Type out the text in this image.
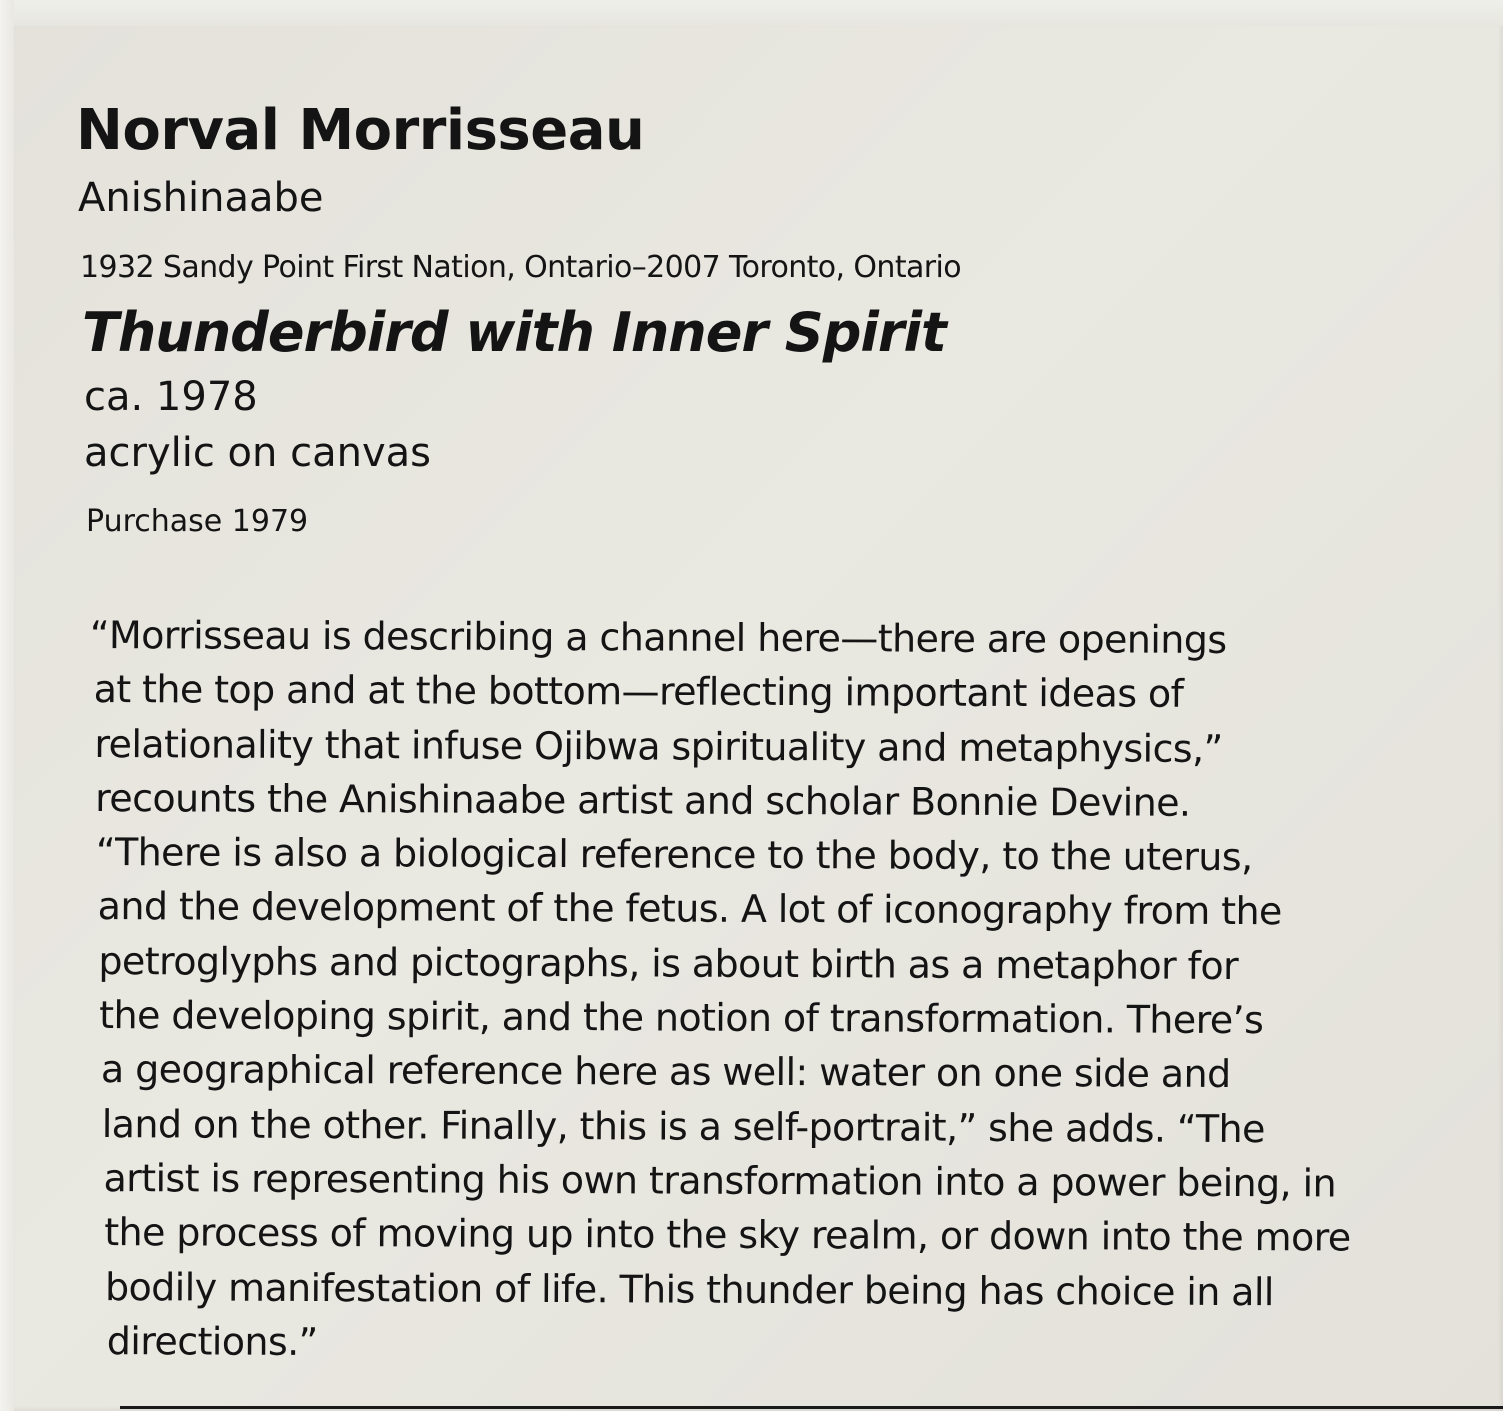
Norval Morrisseau
Anishinaabe
1932 Sandy Point First Nation, Ontario–2007 Toronto, Ontario
Thunderbird with Inner Spirit
ca. 1978
acrylic on canvas
Purchase 1979
“Morrisseau is describing a channel here—there are openings
at the top and at the bottom—reflecting important ideas of
relationality that infuse Ojibwa spirituality and metaphysics,”
recounts the Anishinaabe artist and scholar Bonnie Devine.
“There is also a biological reference to the body, to the uterus,
and the development of the fetus. A lot of iconography from the
petroglyphs and pictographs, is about birth as a metaphor for
the developing spirit, and the notion of transformation. There’s
a geographical reference here as well: water on one side and
land on the other. Finally, this is a self-portrait,” she adds. “The
artist is representing his own transformation into a power being, in
the process of moving up into the sky realm, or down into the more
bodily manifestation of life. This thunder being has choice in all
directions.”
